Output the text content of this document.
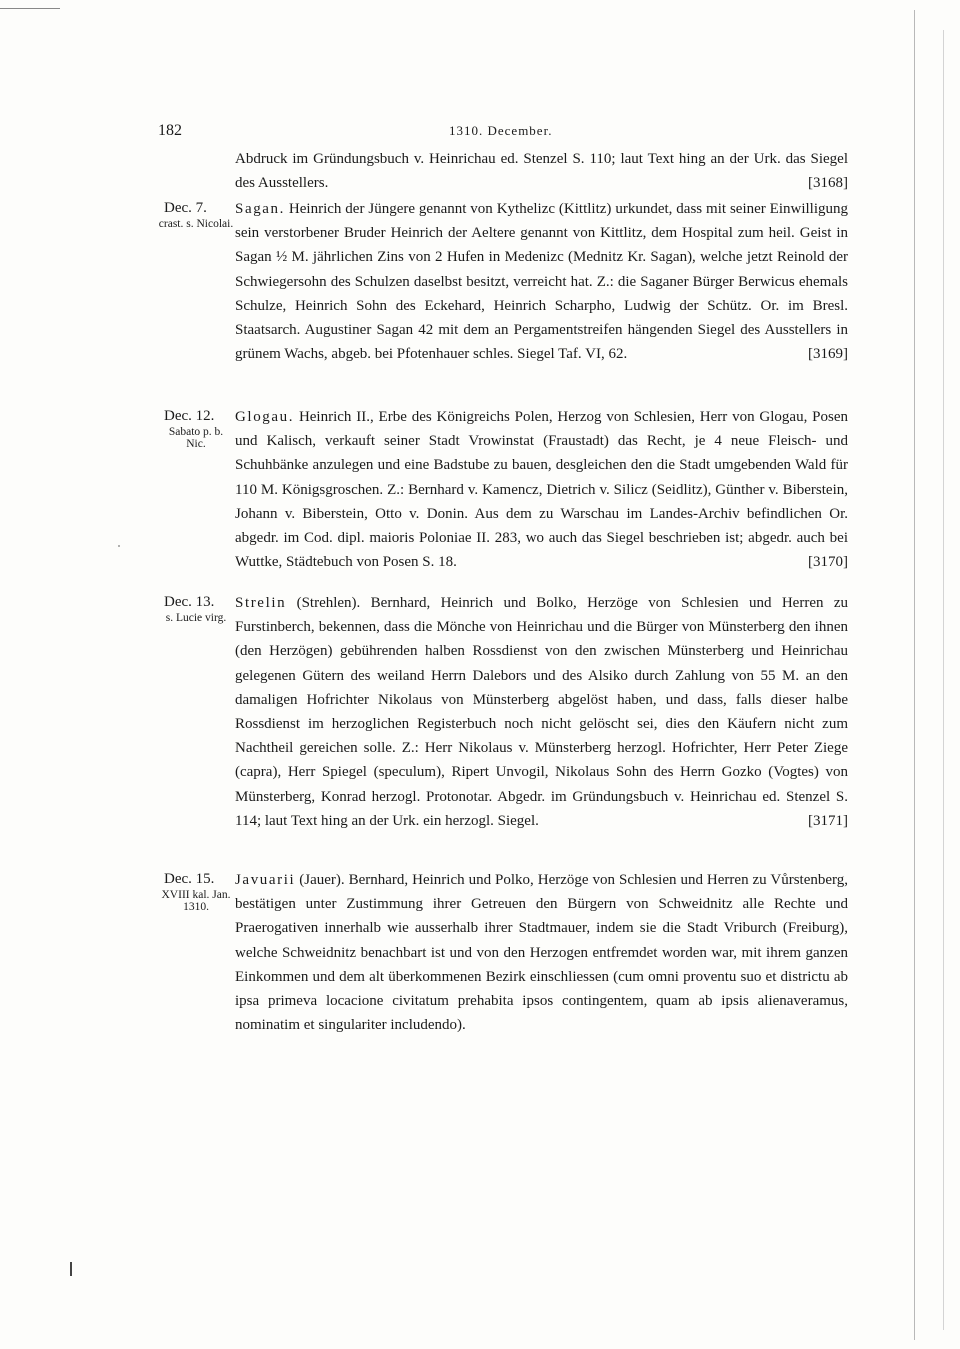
182	1310. December.
Abdruck im Gründungsbuch v. Heinrichau ed. Stenzel S. 110; laut Text hing an der Urk. das Siegel des Ausstellers.	[3168]
Dec. 7.
crast. s. Nicolai.
Sagan. Heinrich der Jüngere genannt von Kythelizc (Kittlitz) urkundet, dass mit seiner Einwilligung sein verstorbener Bruder Heinrich der Aeltere genannt von Kittlitz, dem Hospital zum heil. Geist in Sagan ½ M. jährlichen Zins von 2 Hufen in Medenizc (Mednitz Kr. Sagan), welche jetzt Reinold der Schwiegersohn des Schulzen daselbst besitzt, verreicht hat. Z.: die Saganer Bürger Berwicus ehemals Schulze, Heinrich Sohn des Eckehard, Heinrich Scharpho, Ludwig der Schütz. Or. im Bresl. Staatsarch. Augustiner Sagan 42 mit dem an Pergamentstreifen hängenden Siegel des Ausstellers in grünem Wachs, abgeb. bei Pfotenhauer schles. Siegel Taf. VI, 62.	[3169]
Dec. 12.
Sabato p. b. Nic.
Glogau. Heinrich II., Erbe des Königreichs Polen, Herzog von Schlesien, Herr von Glogau, Posen und Kalisch, verkauft seiner Stadt Vrowinstat (Fraustadt) das Recht, je 4 neue Fleisch- und Schuhbänke anzulegen und eine Badstube zu bauen, desgleichen den die Stadt umgebenden Wald für 110 M. Königsgroschen. Z.: Bernhard v. Kamencz, Dietrich v. Silicz (Seidlitz), Günther v. Biberstein, Johann v. Biberstein, Otto v. Donin. Aus dem zu Warschau im Landes-Archiv befindlichen Or. abgedr. im Cod. dipl. maioris Poloniae II. 283, wo auch das Siegel beschrieben ist; abgedr. auch bei Wuttke, Städtebuch von Posen S. 18.	[3170]
Dec. 13.
s. Lucie virg.
Strelin (Strehlen). Bernhard, Heinrich und Bolko, Herzöge von Schlesien und Herren zu Furstinberch, bekennen, dass die Mönche von Heinrichau und die Bürger von Münsterberg den ihnen (den Herzögen) gebührenden halben Rossdienst von den zwischen Münsterberg und Heinrichau gelegenen Gütern des weiland Herrn Dalebors und des Alsiko durch Zahlung von 55 M. an den damaligen Hofrichter Nikolaus von Münsterberg abgelöst haben, und dass, falls dieser halbe Rossdienst im herzoglichen Registerbuch noch nicht gelöscht sei, dies den Käufern nicht zum Nachtheil gereichen solle. Z.: Herr Nikolaus v. Münsterberg herzogl. Hofrichter, Herr Peter Ziege (capra), Herr Spiegel (speculum), Ripert Unvogil, Nikolaus Sohn des Herrn Gozko (Vogtes) von Münsterberg, Konrad herzogl. Protonotar. Abgedr. im Gründungsbuch v. Heinrichau ed. Stenzel S. 114; laut Text hing an der Urk. ein herzogl. Siegel.	[3171]
Dec. 15.
XVIII kal. Jan. 1310.
Javuarii (Jauer). Bernhard, Heinrich und Polko, Herzöge von Schlesien und Herren zu Vůrstenberg, bestätigen unter Zustimmung ihrer Getreuen den Bürgern von Schweidnitz alle Rechte und Praerogativen innerhalb wie ausserhalb ihrer Stadtmauer, indem sie die Stadt Vriburch (Freiburg), welche Schweidnitz benachbart ist und von den Herzogen entfremdet worden war, mit ihrem ganzen Einkommen und dem alt überkommenen Bezirk einschliessen (cum omni proventu suo et districtu ab ipsa primeva locacione civitatum prehabita ipsos contingentem, quam ab ipsis alienaveramus, nominatim et singulariter includendo).
